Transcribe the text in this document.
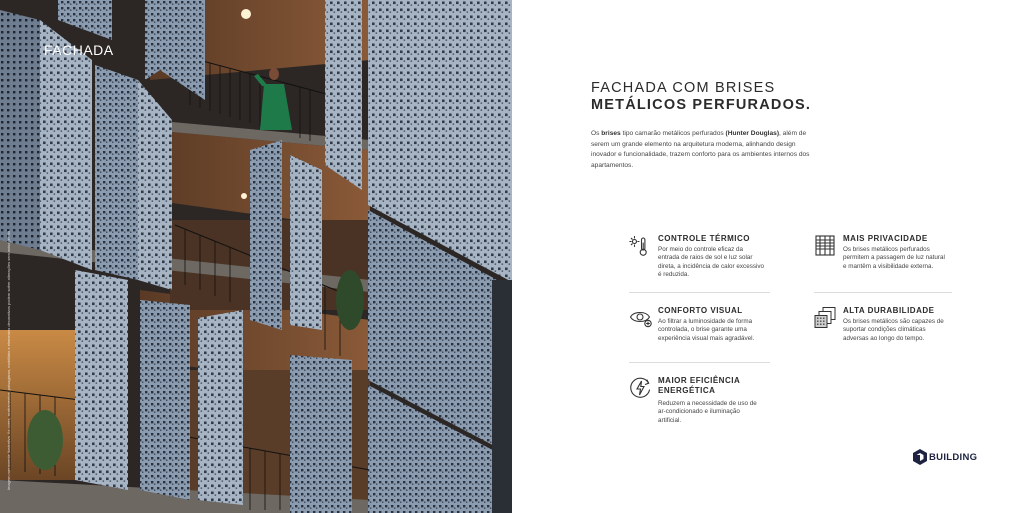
FACHADA
Imagem meramente ilustrativa. As cores, acabamentos, paisagismo, mobiliário e elementos decorativos podem sofrer alterações sem aviso prévio.
FACHADA COM BRISES
METÁLICOS PERFURADOS.

Os brises tipo camarão metálicos perfurados (Hunter Douglas), além de serem um grande elemento na arquitetura moderna, alinhando design inovador e funcionalidade, trazem conforto para os ambientes internos dos apartamentos.

CONTROLE TÉRMICO
Por meio do controle eficaz da entrada de raios de sol e luz solar direta, a incidência de calor excessivo é reduzida.
MAIS PRIVACIDADE
Os brises metálicos perfurados permitem a passagem de luz natural e mantêm a visibilidade externa.
CONFORTO VISUAL
Ao filtrar a luminosidade de forma controlada, o brise garante uma experiência visual mais agradável.
ALTA DURABILIDADE
Os brises metálicos são capazes de suportar condições climáticas adversas ao longo do tempo.
MAIOR EFICIÊNCIA
ENERGÉTICA
Reduzem a necessidade de uso de ar-condicionado e iluminação artificial.
BUILDING
